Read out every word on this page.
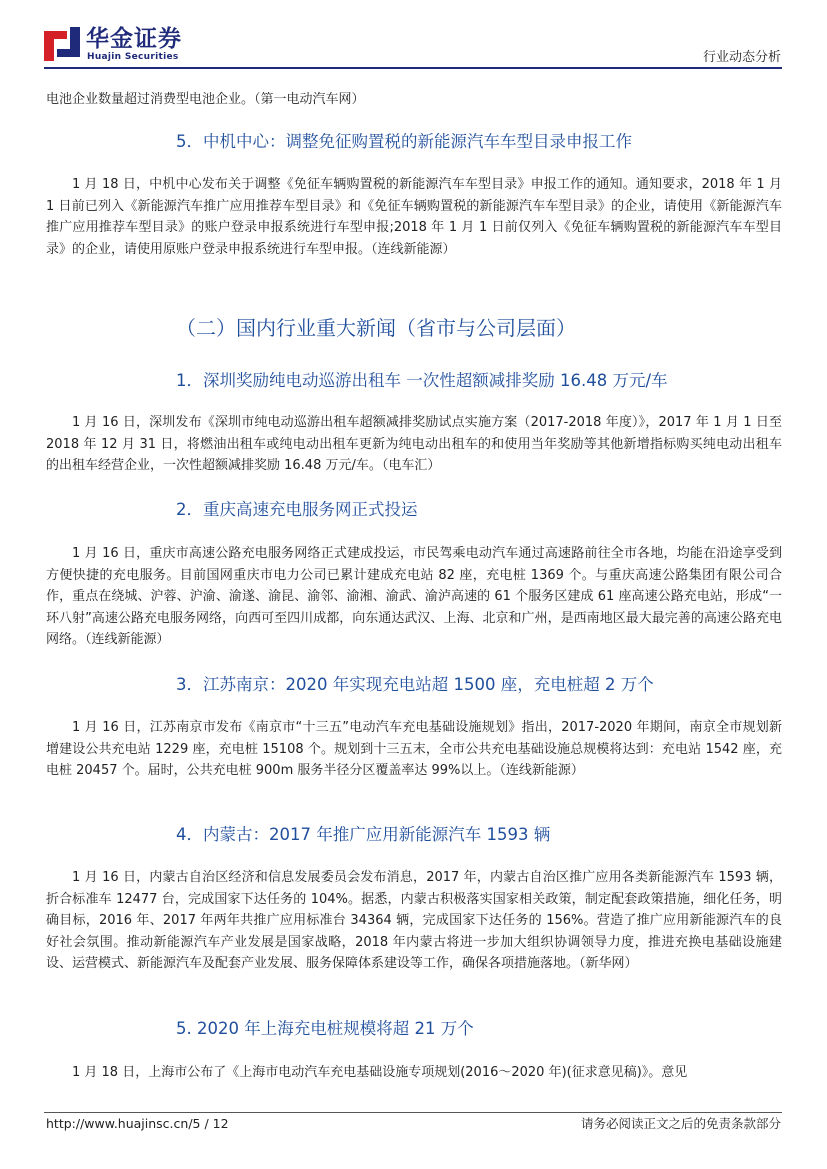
华金证券
Huajin Securities	行业动态分析

电池企业数量超过消费型电池企业。（第一电动汽车网）

5．中机中心：调整免征购置税的新能源汽车车型目录申报工作

1 月 18 日，中机中心发布关于调整《免征车辆购置税的新能源汽车车型目录》申报工作的通知。通知要求，2018 年 1 月 1 日前已列入《新能源汽车推广应用推荐车型目录》和《免征车辆购置税的新能源汽车车型目录》的企业，请使用《新能源汽车推广应用推荐车型目录》的账户登录申报系统进行车型申报;2018 年 1 月 1 日前仅列入《免征车辆购置税的新能源汽车车型目录》的企业，请使用原账户登录申报系统进行车型申报。（连线新能源）

（二）国内行业重大新闻（省市与公司层面）
1．深圳奖励纯电动巡游出租车 一次性超额减排奖励 16.48 万元/车

1 月 16 日，深圳发布《深圳市纯电动巡游出租车超额减排奖励试点实施方案（2017-2018 年度）》，2017 年 1 月 1 日至 2018 年 12 月 31 日，将燃油出租车或纯电动出租车更新为纯电动出租车的和使用当年奖励等其他新增指标购买纯电动出租车的出租车经营企业，一次性超额减排奖励 16.48 万元/车。（电车汇）

2．重庆高速充电服务网正式投运

1 月 16 日，重庆市高速公路充电服务网络正式建成投运，市民驾乘电动汽车通过高速路前往全市各地，均能在沿途享受到方便快捷的充电服务。目前国网重庆市电力公司已累计建成充电站 82 座，充电桩 1369 个。与重庆高速公路集团有限公司合作，重点在绕城、沪蓉、沪渝、渝遂、渝昆、渝邻、渝湘、渝武、渝泸高速的 61 个服务区建成 61 座高速公路充电站，形成“一环八射”高速公路充电服务网络，向西可至四川成都，向东通达武汉、上海、北京和广州，是西南地区最大最完善的高速公路充电网络。（连线新能源）

3．江苏南京：2020 年实现充电站超 1500 座，充电桩超 2 万个

1 月 16 日，江苏南京市发布《南京市“十三五”电动汽车充电基础设施规划》指出，2017-2020 年期间，南京全市规划新增建设公共充电站 1229 座，充电桩 15108 个。规划到十三五末，全市公共充电基础设施总规模将达到：充电站 1542 座，充电桩 20457 个。届时，公共充电桩 900m 服务半径分区覆盖率达 99%以上。（连线新能源）

4．内蒙古：2017 年推广应用新能源汽车 1593 辆

1 月 16 日，内蒙古自治区经济和信息发展委员会发布消息，2017 年，内蒙古自治区推广应用各类新能源汽车 1593 辆，折合标准车 12477 台，完成国家下达任务的 104%。据悉，内蒙古积极落实国家相关政策，制定配套政策措施，细化任务，明确目标，2016 年、2017 年两年共推广应用标准台 34364 辆，完成国家下达任务的 156%。营造了推广应用新能源汽车的良好社会氛围。推动新能源汽车产业发展是国家战略，2018 年内蒙古将进一步加大组织协调领导力度，推进充换电基础设施建设、运营模式、新能源汽车及配套产业发展、服务保障体系建设等工作，确保各项措施落地。（新华网）

5. 2020 年上海充电桩规模将超 21 万个

1 月 18 日，上海市公布了《上海市电动汽车充电基础设施专项规划(2016～2020 年)(征求意见稿)》。意见

http://www.huajinsc.cn/5 / 12	请务必阅读正文之后的免责条款部分
